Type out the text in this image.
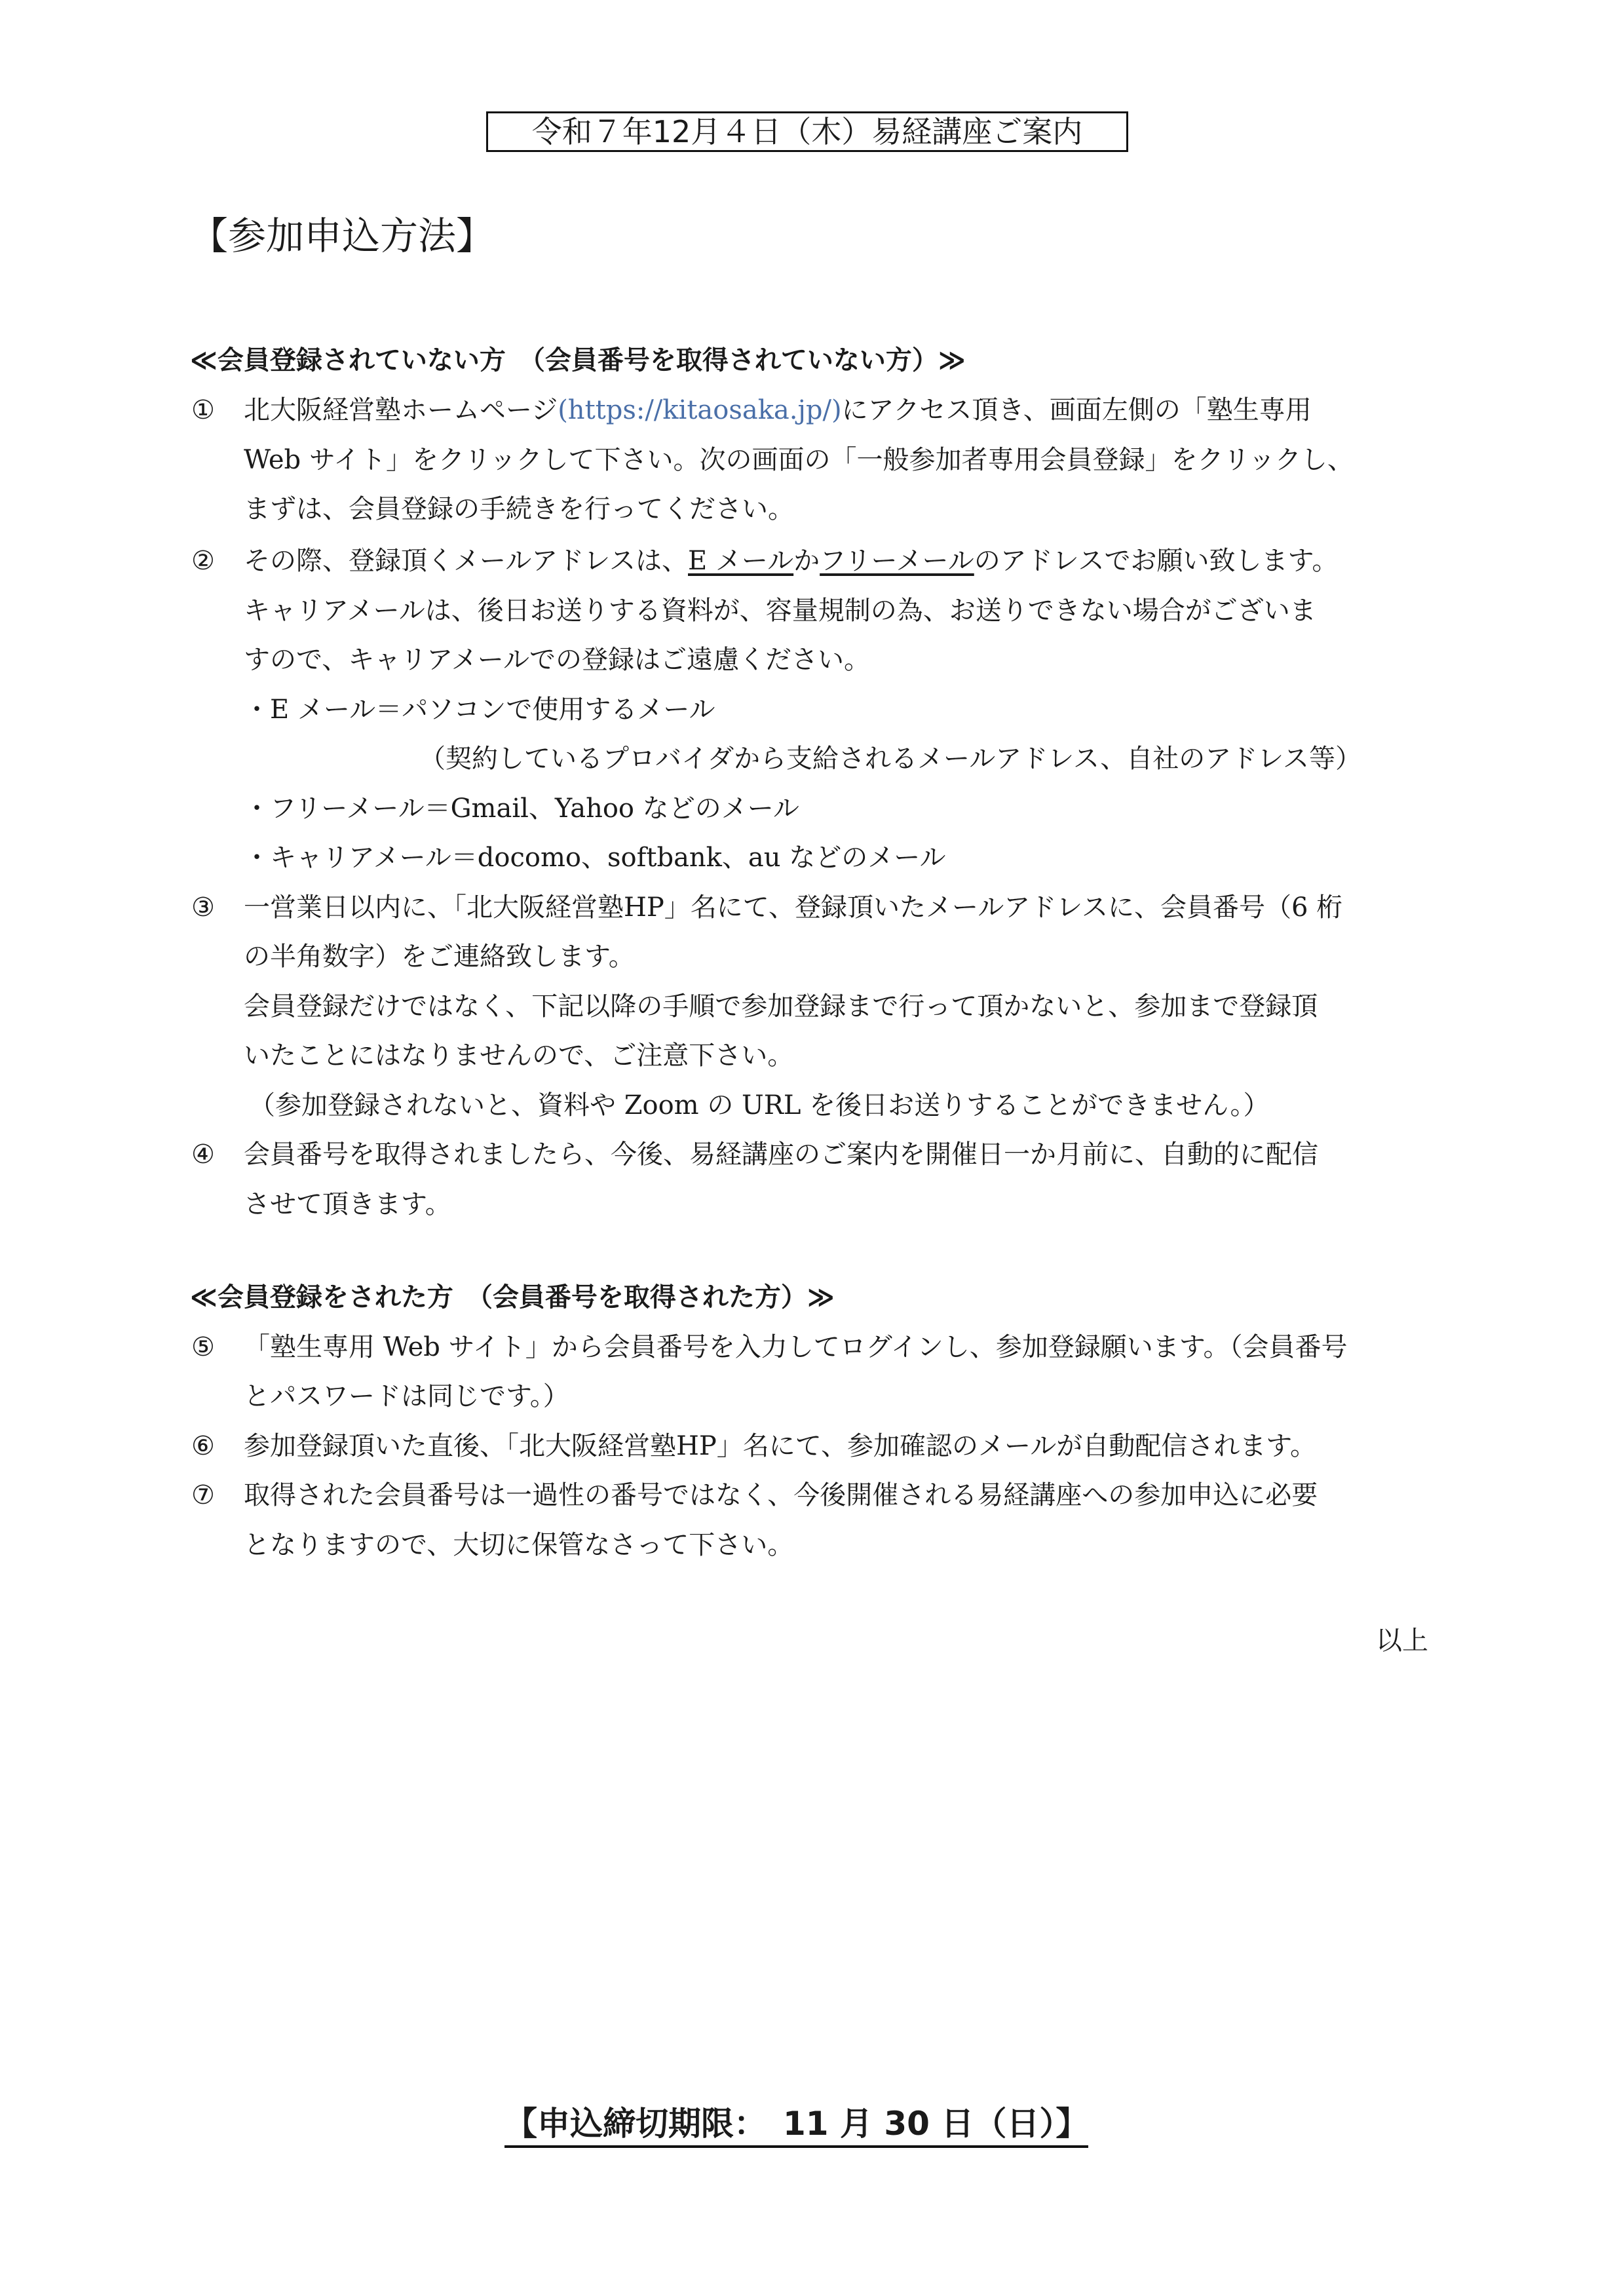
令和７年12月４日（木）易経講座ご案内
【参加申込方法】
≪会員登録されていない方　（会員番号を取得されていない方）≫
① 北大阪経営塾ホームページ(https://kitaosaka.jp/)にアクセス頂き、画面左側の「塾生専用
Web サイト」をクリックして下さい。次の画面の「一般参加者専用会員登録」をクリックし、
まずは、会員登録の手続きを行ってください。
② その際、登録頂くメールアドレスは、E メールかフリーメールのアドレスでお願い致します。
キャリアメールは、後日お送りする資料が、容量規制の為、お送りできない場合がございま
すので、キャリアメールでの登録はご遠慮ください。
・E メール＝パソコンで使用するメール
（契約しているプロバイダから支給されるメールアドレス、自社のアドレス等）
・フリーメール＝Gmail、Yahoo などのメール
・キャリアメール＝docomo、softbank、au などのメール
③ 一営業日以内に、「北大阪経営塾HP」名にて、登録頂いたメールアドレスに、会員番号（6 桁
の半角数字）をご連絡致します。
会員登録だけではなく、下記以降の手順で参加登録まで行って頂かないと、参加まで登録頂
いたことにはなりませんので、ご注意下さい。
（参加登録されないと、資料や Zoom の URL を後日お送りすることができません。）
④ 会員番号を取得されましたら、今後、易経講座のご案内を開催日一か月前に、自動的に配信
させて頂きます。
≪会員登録をされた方　（会員番号を取得された方）≫
⑤ 「塾生専用 Web サイト」から会員番号を入力してログインし、参加登録願います。（会員番号
とパスワードは同じです。）
⑥ 参加登録頂いた直後、「北大阪経営塾HP」名にて、参加確認のメールが自動配信されます。
⑦ 取得された会員番号は一過性の番号ではなく、今後開催される易経講座への参加申込に必要
となりますので、大切に保管なさって下さい。
以上
【申込締切期限：　11 月 30 日（日）】
